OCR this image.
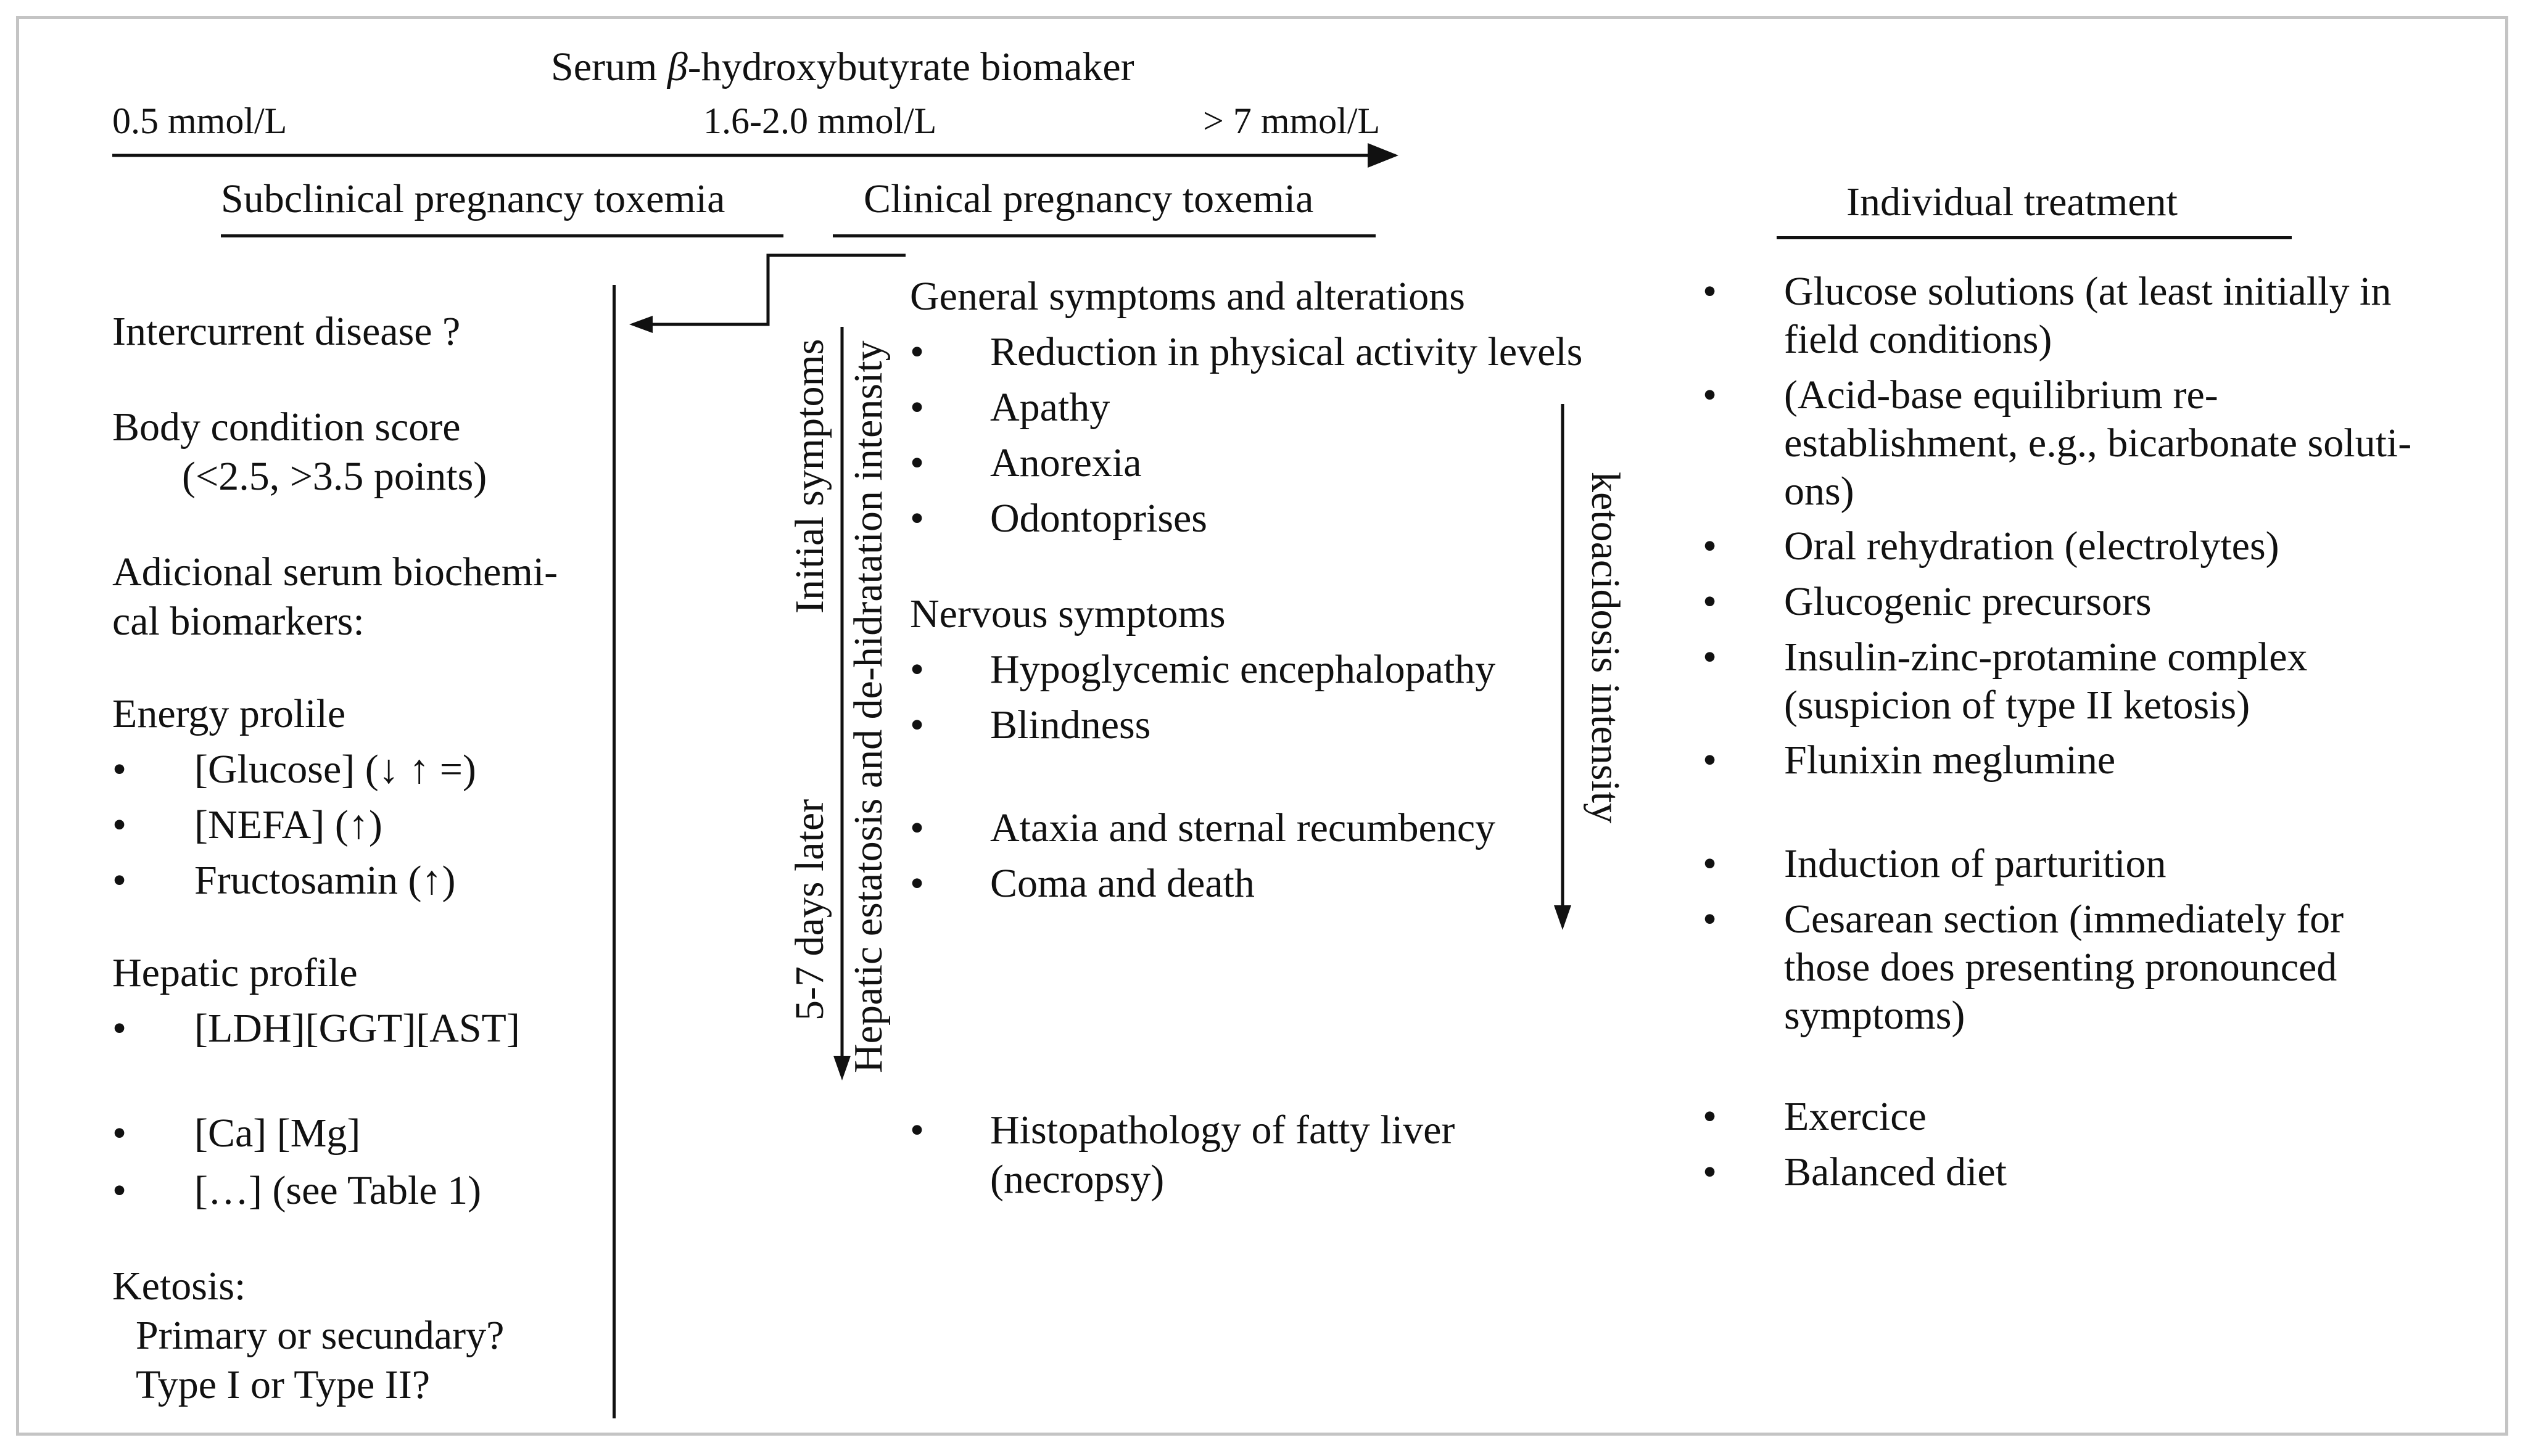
Serum β-hydroxybutyrate biomaker
0.5 mmol/L	1.6-2.0 mmol/L	> 7 mmol/L
Subclinical pregnancy toxemia	Clinical pregnancy toxemia	Individual treatment
Intercurrent disease ?
Body condition score
(<2.5, >3.5 points)
Adicional serum biochemi-
cal biomarkers:
Energy prolile
• [Glucose] (↓ ↑ =)
• [NEFA] (↑)
• Fructosamin (↑)
Hepatic profile
• [LDH][GGT][AST]
• [Ca] [Mg]
• […] (see Table 1)
Ketosis:
Primary or secundary?
Type I or Type II?
Initial symptoms
5-7 days later Hepatic estatosis and de-hidratation intensity	ketoacidosis intensity
General symptoms and alterations
• Reduction in physical activity levels
• Apathy
• Anorexia
• Odontoprises
Nervous symptoms
• Hypoglycemic encephalopathy
• Blindness
• Ataxia and sternal recumbency
• Coma and death
• Histopathology of fatty liver
(necropsy)
• Glucose solutions (at least initially in
field conditions)
• (Acid-base equilibrium re-
establishment, e.g., bicarbonate soluti-
ons)
• Oral rehydration (electrolytes)
• Glucogenic precursors
• Insulin-zinc-protamine complex
(suspicion of type II ketosis)
• Flunixin meglumine
• Induction of parturition
• Cesarean section (immediately for
those does presenting pronounced
symptoms)
• Exercice
• Balanced diet
